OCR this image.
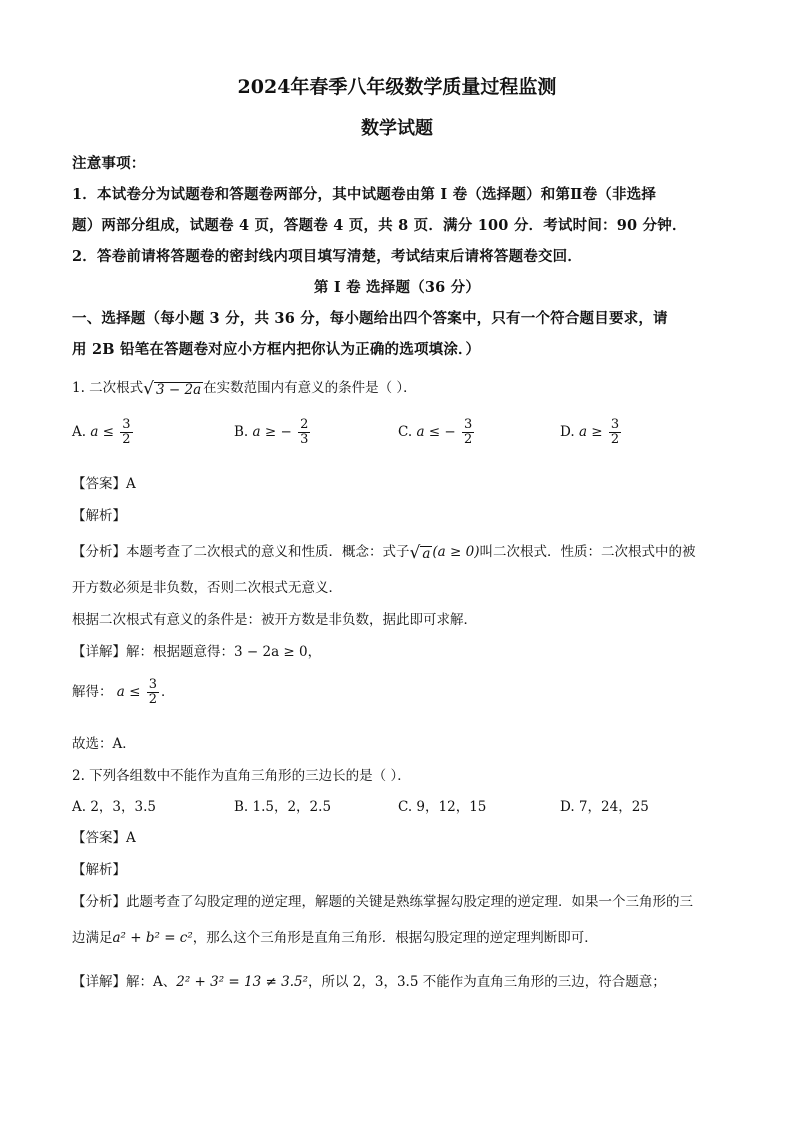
2024年春季八年级数学质量过程监测
数学试题
注意事项：
1．本试卷分为试题卷和答题卷两部分，其中试题卷由第 I 卷（选择题）和第Ⅱ卷（非选择
题）两部分组成，试题卷 4 页，答题卷 4 页，共 8 页．满分 100 分．考试时间：90 分钟．
2．答卷前请将答题卷的密封线内项目填写清楚，考试结束后请将答题卷交回．
第 I 卷 选择题（36 分）
一、选择题（每小题 3 分，共 36 分，每小题给出四个答案中，只有一个符合题目要求，请
用 2B 铅笔在答题卷对应小方框内把你认为正确的选项填涂．）
1. 二次根式 √ 3 − 2a 在实数范围内有意义的条件是（ ）．
A. $a \le \frac{3}{2}$	B. a ≥ − $\frac{2}{3}$	C. a ≤ − $\frac{3}{2}$	D. $a \ge \frac{3}{2}$
【答案】A
【解析】
【分析】本题考查了二次根式的意义和性质．概念：式子 √ a (a ≥ 0)叫二次根式．性质：二次根式中的被
开方数必须是非负数，否则二次根式无意义．
根据二次根式有意义的条件是：被开方数是非负数，据此即可求解．
【详解】解：根据题意得：3 − 2a ≥ 0，
解得： $a \le \frac{3}{2}$ ．
故选：A．
2. 下列各组数中不能作为直角三角形的三边长的是（ ）．
A. 2，3，3.5	B. 1.5，2，2.5	C. 9，12，15	D. 7，24，25
【答案】A
【解析】
【分析】此题考查了勾股定理的逆定理，解题的关键是熟练掌握勾股定理的逆定理．如果一个三角形的三
边满足a² + b² = c²，那么这个三角形是直角三角形．根据勾股定理的逆定理判断即可．
【详解】解：A、2² + 3² = 13 ≠ 3.5²，所以 2，3，3.5 不能作为直角三角形的三边，符合题意；
